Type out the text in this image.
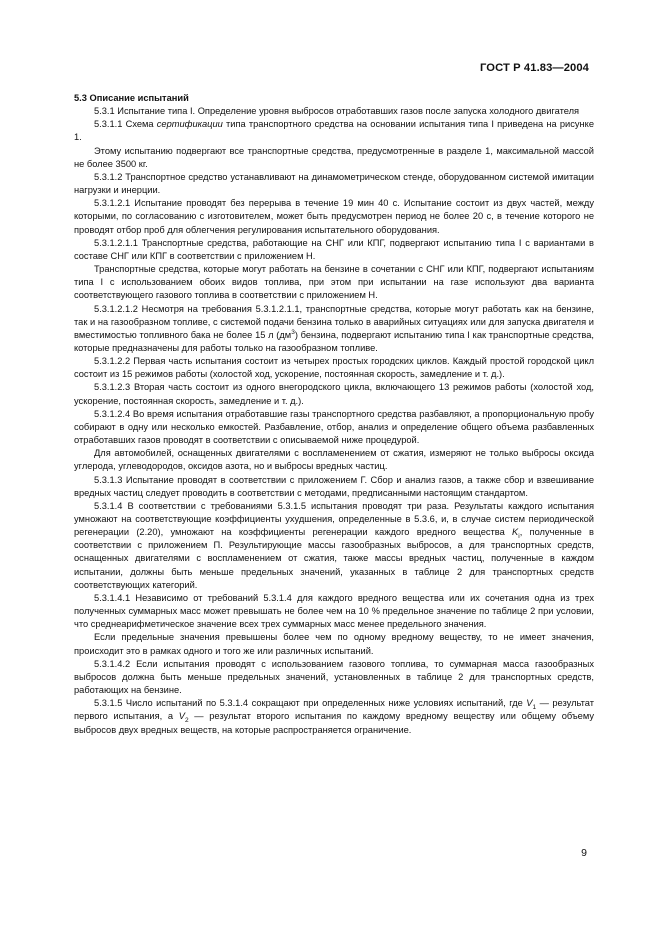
ГОСТ Р 41.83—2004

5.3 Описание испытаний

5.3.1 Испытание типа I. Определение уровня выбросов отработавших газов после запуска холодного двигателя

5.3.1.1 Схема сертификации типа транспортного средства на основании испытания типа I приведена на рисунке 1.

Этому испытанию подвергают все транспортные средства, предусмотренные в разделе 1, максимальной массой не более 3500 кг.

5.3.1.2 Транспортное средство устанавливают на динамометрическом стенде, оборудованном системой имитации нагрузки и инерции.

5.3.1.2.1 Испытание проводят без перерыва в течение 19 мин 40 с. Испытание состоит из двух частей, между которыми, по согласованию с изготовителем, может быть предусмотрен период не более 20 с, в течение которого не проводят отбор проб для облегчения регулирования испытательного оборудования.

5.3.1.2.1.1 Транспортные средства, работающие на СНГ или КПГ, подвергают испытанию типа I с вариантами в составе СНГ или КПГ в соответствии с приложением Н.

Транспортные средства, которые могут работать на бензине в сочетании с СНГ или КПГ, подвергают испытаниям типа I с использованием обоих видов топлива, при этом при испытании на газе используют два варианта соответствующего газового топлива в соответствии с приложением Н.

5.3.1.2.1.2 Несмотря на требования 5.3.1.2.1.1, транспортные средства, которые могут работать как на бензине, так и на газообразном топливе, с системой подачи бензина только в аварийных ситуациях или для запуска двигателя и вместимостью топливного бака не более 15 л $(дм^3)$ бензина, подвергают испытанию типа I как транспортные средства, которые предназначены для работы только на газообразном топливе.

5.3.1.2.2 Первая часть испытания состоит из четырех простых городских циклов. Каждый простой городской цикл состоит из 15 режимов работы (холостой ход, ускорение, постоянная скорость, замедление и т. д.).

5.3.1.2.3 Вторая часть состоит из одного внегородского цикла, включающего 13 режимов работы (холостой ход, ускорение, постоянная скорость, замедление и т. д.).

5.3.1.2.4 Во время испытания отработавшие газы транспортного средства разбавляют, а пропорциональную пробу собирают в одну или несколько емкостей. Разбавление, отбор, анализ и определение общего объема разбавленных отработавших газов проводят в соответствии с описываемой ниже процедурой.

Для автомобилей, оснащенных двигателями с воспламенением от сжатия, измеряют не только выбросы оксида углерода, углеводородов, оксидов азота, но и выбросы вредных частиц.

5.3.1.3 Испытание проводят в соответствии с приложением Г. Сбор и анализ газов, а также сбор и взвешивание вредных частиц следует проводить в соответствии с методами, предписанными настоящим стандартом.

5.3.1.4 В соответствии с требованиями 5.3.1.5 испытания проводят три раза. Результаты каждого испытания умножают на соответствующие коэффициенты ухудшения, определенные в 5.3.6, и, в случае систем периодической регенерации (2.20), умножают на коэффициенты регенерации каждого вредного вещества $K_i$, полученные в соответствии с приложением П. Результирующие массы газообразных выбросов, а для транспортных средств, оснащенных двигателями с воспламенением от сжатия, также массы вредных частиц, полученные в каждом испытании, должны быть меньше предельных значений, указанных в таблице 2 для транспортных средств соответствующих категорий.

5.3.1.4.1 Независимо от требований 5.3.1.4 для каждого вредного вещества или их сочетания одна из трех полученных суммарных масс может превышать не более чем на 10 % предельное значение по таблице 2 при условии, что среднеарифметическое значение всех трех суммарных масс менее предельного значения.

Если предельные значения превышены более чем по одному вредному веществу, то не имеет значения, происходит это в рамках одного и того же или различных испытаний.

5.3.1.4.2 Если испытания проводят с использованием газового топлива, то суммарная масса газообразных выбросов должна быть меньше предельных значений, установленных в таблице 2 для транспортных средств, работающих на бензине.

5.3.1.5 Число испытаний по 5.3.1.4 сокращают при определенных ниже условиях испытаний, где $V_1$ — результат первого испытания, а $V_2$ — результат второго испытания по каждому вредному веществу или общему объему выбросов двух вредных веществ, на которые распространяется ограничение.

9
